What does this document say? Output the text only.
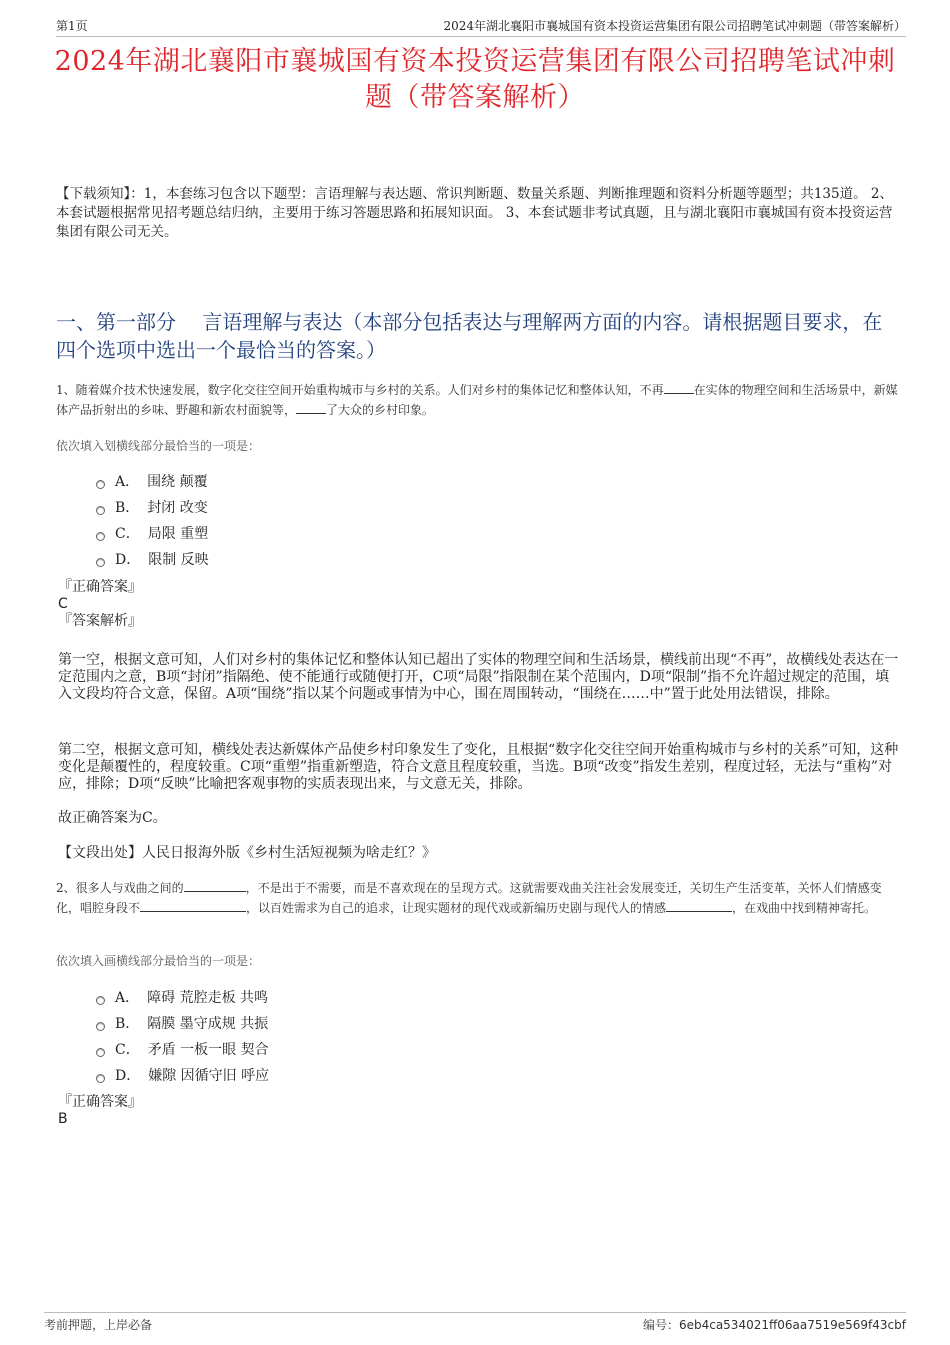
第1页	2024年湖北襄阳市襄城国有资本投资运营集团有限公司招聘笔试冲刺题（带答案解析）
2024年湖北襄阳市襄城国有资本投资运营集团有限公司招聘笔试冲刺题（带答案解析）
【下载须知】：1，本套练习包含以下题型：言语理解与表达题、常识判断题、数量关系题、判断推理题和资料分析题等题型；共135道。 2、本套试题根据常见招考题总结归纳，主要用于练习答题思路和拓展知识面。 3、本套试题非考试真题，且与湖北襄阳市襄城国有资本投资运营集团有限公司无关。
一、第一部分　 言语理解与表达（本部分包括表达与理解两方面的内容。请根据题目要求，在四个选项中选出一个最恰当的答案。）

1、随着媒介技术快速发展，数字化交往空间开始重构城市与乡村的关系。人们对乡村的集体记忆和整体认知，不再	在实体的物理空间和生活场景中，新媒体产品折射出的乡味、野趣和新农村面貌等，	了大众的乡村印象。

依次填入划横线部分最恰当的一项是：
A． 围绕 颠覆
B． 封闭 改变
C． 局限 重塑
D． 限制 反映
『正确答案』
C
『答案解析』
第一空，根据文意可知，人们对乡村的集体记忆和整体认知已超出了实体的物理空间和生活场景，横线前出现“不再”，故横线处表达在一定范围内之意，B项“封闭”指隔绝、使不能通行或随便打开，C项“局限”指限制在某个范围内，D项“限制”指不允许超过规定的范围，填入文段均符合文意，保留。A项“围绕”指以某个问题或事情为中心，围在周围转动，“围绕在……中”置于此处用法错误，排除。
第二空，根据文意可知，横线处表达新媒体产品使乡村印象发生了变化，且根据“数字化交往空间开始重构城市与乡村的关系”可知，这种变化是颠覆性的，程度较重。C项“重塑”指重新塑造，符合文意且程度较重，当选。B项“改变”指发生差别，程度过轻，无法与“重构”对应，排除；D项“反映”比喻把客观事物的实质表现出来，与文意无关，排除。
故正确答案为C。
【文段出处】人民日报海外版《乡村生活短视频为啥走红？》

2、很多人与戏曲之间的	，不是出于不需要，而是不喜欢现在的呈现方式。这就需要戏曲关注社会发展变迁，关切生产生活变革，关怀人们情感变化，唱腔身段不	，以百姓需求为自己的追求，让现实题材的现代戏或新编历史剧与现代人的情感	，在戏曲中找到精神寄托。

依次填入画横线部分最恰当的一项是：
A． 障碍 荒腔走板 共鸣
B． 隔膜 墨守成规 共振
C． 矛盾 一板一眼 契合
D． 嫌隙 因循守旧 呼应
『正确答案』
B
考前押题，上岸必备	编号：6eb4ca534021ff06aa7519e569f43cbf
